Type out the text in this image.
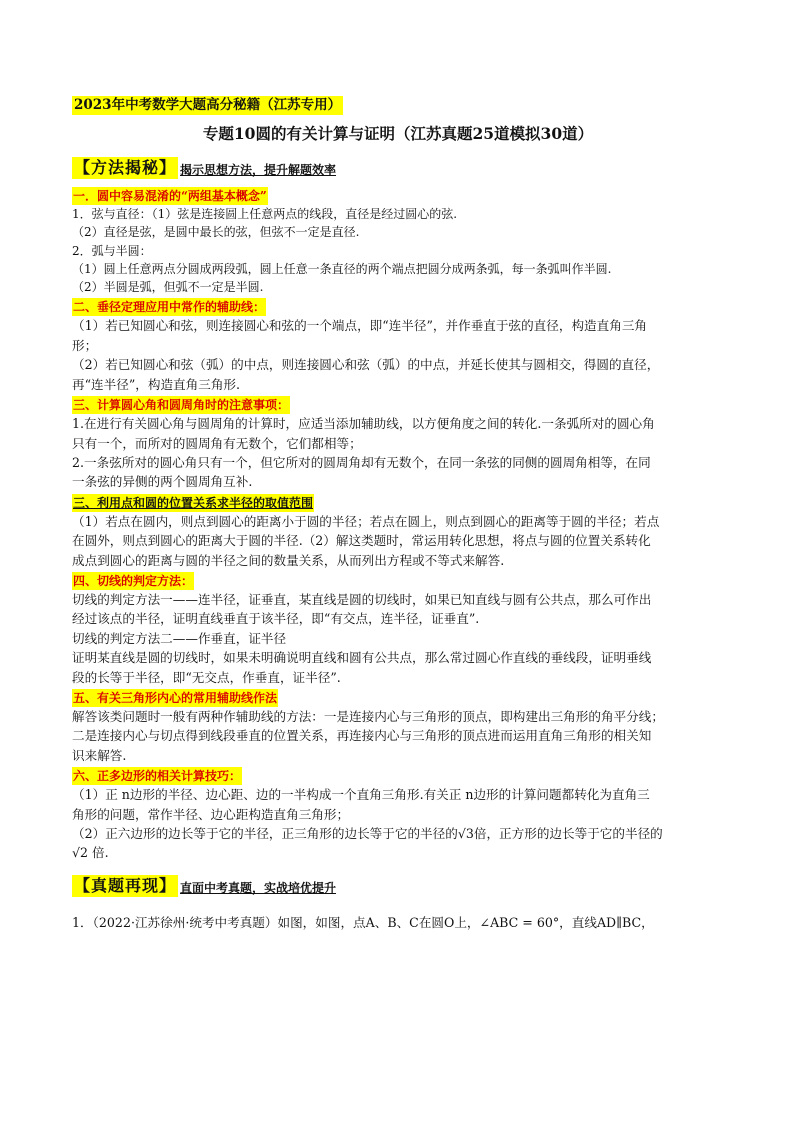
2023年中考数学大题高分秘籍（江苏专用）
专题10圆的有关计算与证明（江苏真题25道模拟30道）
【方法揭秘】 揭示思想方法，提升解题效率
一．圆中容易混淆的“两组基本概念”
1．弦与直径：（1）弦是连接圆上任意两点的线段，直径是经过圆心的弦.
（2）直径是弦，是圆中最长的弦，但弦不一定是直径.
2．弧与半圆：
（1）圆上任意两点分圆成两段弧，圆上任意一条直径的两个端点把圆分成两条弧，每一条弧叫作半圆.
（2）半圆是弧，但弧不一定是半圆.
二、垂径定理应用中常作的辅助线：
（1）若已知圆心和弦，则连接圆心和弦的一个端点，即“连半径”，并作垂直于弦的直径，构造直角三角
形；
（2）若已知圆心和弦（弧）的中点，则连接圆心和弦（弧）的中点，并延长使其与圆相交，得圆的直径，
再“连半径”，构造直角三角形.
三、计算圆心角和圆周角时的注意事项：
1.在进行有关圆心角与圆周角的计算时，应适当添加辅助线，以方便角度之间的转化.一条弧所对的圆心角
只有一个，而所对的圆周角有无数个，它们都相等；
2.一条弦所对的圆心角只有一个，但它所对的圆周角却有无数个，在同一条弦的同侧的圆周角相等，在同
一条弦的异侧的两个圆周角互补.
三、利用点和圆的位置关系求半径的取值范围
（1）若点在圆内，则点到圆心的距离小于圆的半径；若点在圆上，则点到圆心的距离等于圆的半径；若点
在圆外，则点到圆心的距离大于圆的半径.（2）解这类题时，常运用转化思想，将点与圆的位置关系转化
成点到圆心的距离与圆的半径之间的数量关系，从而列出方程或不等式来解答.
四、切线的判定方法：
切线的判定方法一——连半径，证垂直，某直线是圆的切线时，如果已知直线与圆有公共点，那么可作出
经过该点的半径，证明直线垂直于该半径，即“有交点，连半径，证垂直”.
切线的判定方法二——作垂直，证半径
证明某直线是圆的切线时，如果未明确说明直线和圆有公共点，那么常过圆心作直线的垂线段，证明垂线
段的长等于半径，即“无交点，作垂直，证半径”.
五、有关三角形内心的常用辅助线作法
解答该类问题时一般有两种作辅助线的方法：一是连接内心与三角形的顶点，即构建出三角形的角平分线；
二是连接内心与切点得到线段垂直的位置关系，再连接内心与三角形的顶点进而运用直角三角形的相关知
识来解答.
六、正多边形的相关计算技巧：
（1）正 n边形的半径、边心距、边的一半构成一个直角三角形.有关正 n边形的计算问题都转化为直角三
角形的问题，常作半径、边心距构造直角三角形；
（2）正六边形的边长等于它的半径，正三角形的边长等于它的半径的√3倍，正方形的边长等于它的半径的
√2 倍.
【真题再现】 直面中考真题，实战培优提升
1．（2022·江苏徐州·统考中考真题）如图，如图，点A、B、C在圆O上，∠ABC = 60°，直线AD∥BC，
